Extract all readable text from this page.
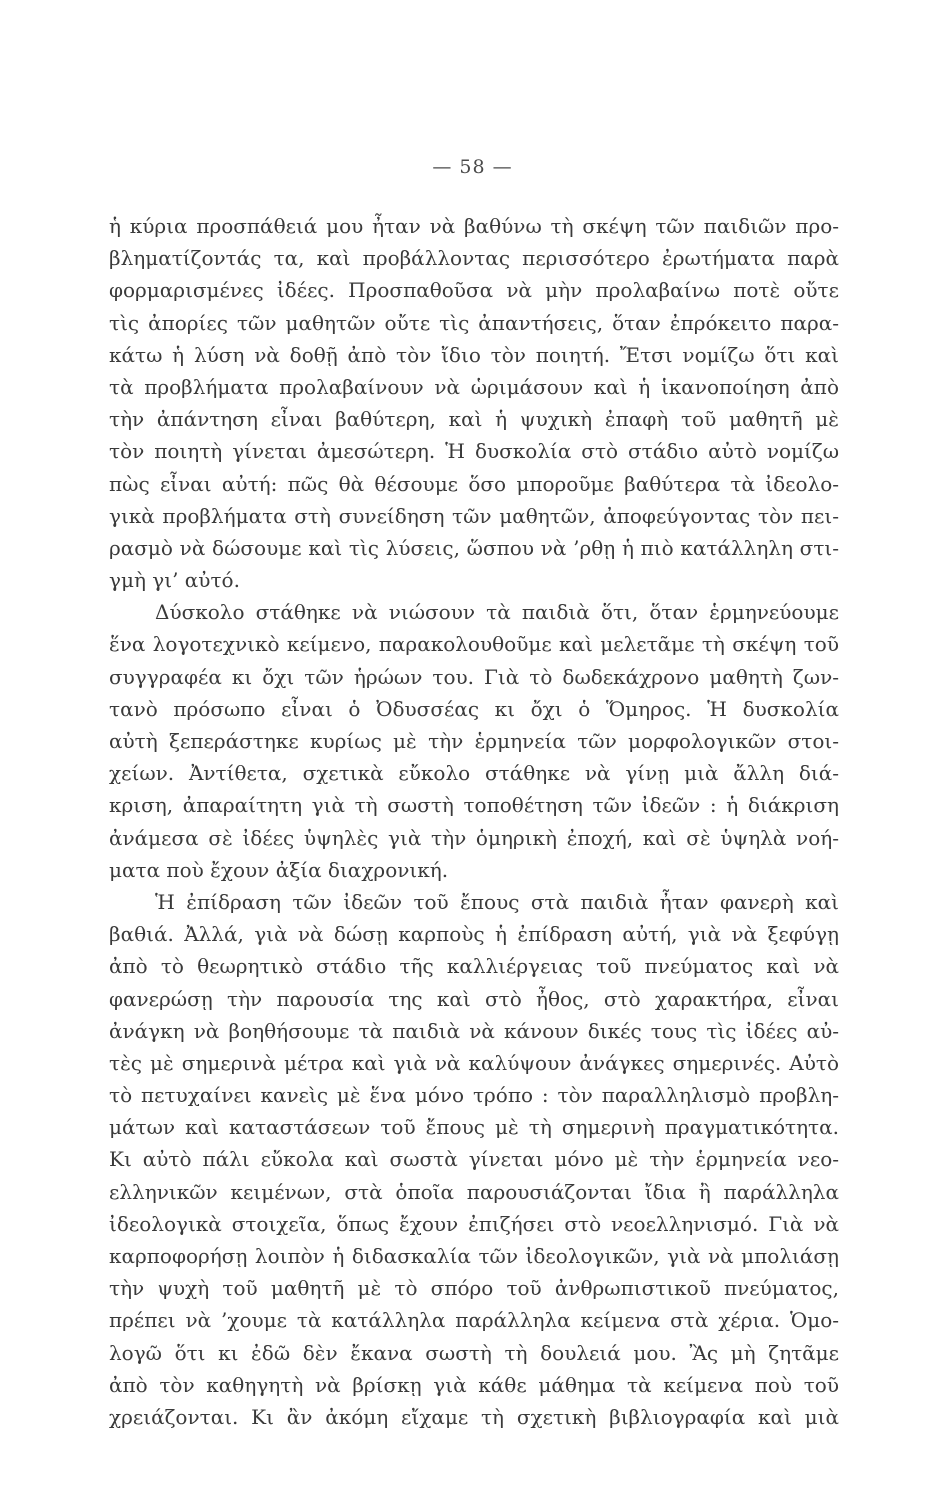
— 58 —
ἡ κύρια προσπάθειά μου ἦταν νὰ βαθύνω τὴ σκέψη τῶν παιδιῶν προ-
βληματίζοντάς τα, καὶ προβάλλοντας περισσότερο ἐρωτήματα παρὰ
φορμαρισμένες ἰδέες. Προσπαθοῦσα νὰ μὴν προλαβαίνω ποτὲ οὔτε
τὶς ἀπορίες τῶν μαθητῶν οὔτε τὶς ἀπαντήσεις, ὅταν ἐπρόκειτο παρα-
κάτω ἡ λύση νὰ δοθῇ ἀπὸ τὸν ἴδιο τὸν ποιητή. Ἔτσι νομίζω ὅτι καὶ
τὰ προβλήματα προλαβαίνουν νὰ ὡριμάσουν καὶ ἡ ἱκανοποίηση ἀπὸ
τὴν ἀπάντηση εἶναι βαθύτερη, καὶ ἡ ψυχικὴ ἐπαφὴ τοῦ μαθητῆ μὲ
τὸν ποιητὴ γίνεται ἀμεσώτερη. Ἡ δυσκολία στὸ στάδιο αὐτὸ νομίζω
πὼς εἶναι αὐτή: πῶς θὰ θέσουμε ὅσο μποροῦμε βαθύτερα τὰ ἰδεολο-
γικὰ προβλήματα στὴ συνείδηση τῶν μαθητῶν, ἀποφεύγοντας τὸν πει-
ρασμὸ νὰ δώσουμε καὶ τὶς λύσεις, ὥσπου νὰ ’ρθῃ ἡ πιὸ κατάλληλη στι-
γμὴ γι’ αὐτό.
Δύσκολο στάθηκε νὰ νιώσουν τὰ παιδιὰ ὅτι, ὅταν ἑρμηνεύουμε
ἕνα λογοτεχνικὸ κείμενο, παρακολουθοῦμε καὶ μελετᾶμε τὴ σκέψη τοῦ
συγγραφέα κι ὄχι τῶν ἡρώων του. Γιὰ τὸ δωδεκάχρονο μαθητὴ ζων-
τανὸ πρόσωπο εἶναι ὁ Ὀδυσσέας κι ὄχι ὁ Ὅμηρος. Ἡ δυσκολία
αὐτὴ ξεπεράστηκε κυρίως μὲ τὴν ἑρμηνεία τῶν μορφολογικῶν στοι-
χείων. Ἀντίθετα, σχετικὰ εὔκολο στάθηκε νὰ γίνῃ μιὰ ἄλλη διά-
κριση, ἀπαραίτητη γιὰ τὴ σωστὴ τοποθέτηση τῶν ἰδεῶν : ἡ διάκριση
ἀνάμεσα σὲ ἰδέες ὑψηλὲς γιὰ τὴν ὁμηρικὴ ἐποχή, καὶ σὲ ὑψηλὰ νοή-
ματα ποὺ ἔχουν ἀξία διαχρονική.
Ἡ ἐπίδραση τῶν ἰδεῶν τοῦ ἔπους στὰ παιδιὰ ἦταν φανερὴ καὶ
βαθιά. Ἀλλά, γιὰ νὰ δώσῃ καρποὺς ἡ ἐπίδραση αὐτή, γιὰ νὰ ξεφύγῃ
ἀπὸ τὸ θεωρητικὸ στάδιο τῆς καλλιέργειας τοῦ πνεύματος καὶ νὰ
φανερώσῃ τὴν παρουσία της καὶ στὸ ἦθος, στὸ χαρακτήρα, εἶναι
ἀνάγκη νὰ βοηθήσουμε τὰ παιδιὰ νὰ κάνουν δικές τους τὶς ἰδέες αὐ-
τὲς μὲ σημερινὰ μέτρα καὶ γιὰ νὰ καλύψουν ἀνάγκες σημερινές. Αὐτὸ
τὸ πετυχαίνει κανεὶς μὲ ἕνα μόνο τρόπο : τὸν παραλληλισμὸ προβλη-
μάτων καὶ καταστάσεων τοῦ ἔπους μὲ τὴ σημερινὴ πραγματικότητα.
Κι αὐτὸ πάλι εὔκολα καὶ σωστὰ γίνεται μόνο μὲ τὴν ἑρμηνεία νεο-
ελληνικῶν κειμένων, στὰ ὁποῖα παρουσιάζονται ἴδια ἢ παράλληλα
ἰδεολογικὰ στοιχεῖα, ὅπως ἔχουν ἐπιζήσει στὸ νεοελληνισμό. Γιὰ νὰ
καρποφορήσῃ λοιπὸν ἡ διδασκαλία τῶν ἰδεολογικῶν, γιὰ νὰ μπολιάσῃ
τὴν ψυχὴ τοῦ μαθητῆ μὲ τὸ σπόρο τοῦ ἀνθρωπιστικοῦ πνεύματος,
πρέπει νὰ ’χουμε τὰ κατάλληλα παράλληλα κείμενα στὰ χέρια. Ὁμο-
λογῶ ὅτι κι ἐδῶ δὲν ἔκανα σωστὴ τὴ δουλειά μου. Ἂς μὴ ζητᾶμε
ἀπὸ τὸν καθηγητὴ νὰ βρίσκῃ γιὰ κάθε μάθημα τὰ κείμενα ποὺ τοῦ
χρειάζονται. Κι ἂν ἀκόμη εἴχαμε τὴ σχετικὴ βιβλιογραφία καὶ μιὰ
